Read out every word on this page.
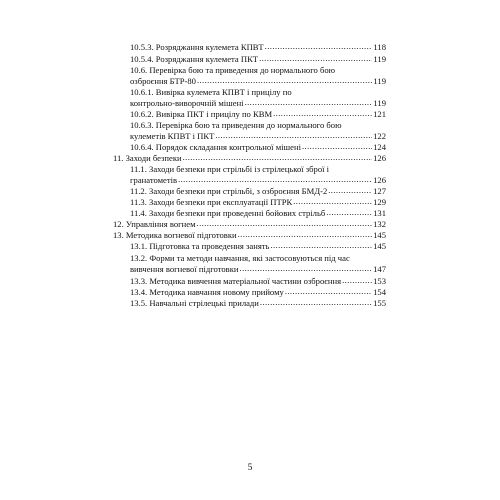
10.5.3. Розряджання кулемета КПВТ .....	118
10.5.4. Розряджання кулемета ПКТ .....	119
10.6. Перевірка бою та приведення до нормального бою
озброєння БТР-80 .....	119
10.6.1. Вивірка кулемета КПВТ і прицілу по
контрольно-виворочній мішені .....	119
10.6.2. Вивірка ПКТ і прицілу по КВМ .....	121
10.6.3. Перевірка бою та приведення до нормального бою
кулеметів КПВТ і ПКТ .....	122
10.6.4. Порядок складання контрольної мішені .....	124
11. Заходи безпеки .....	126
11.1. Заходи безпеки при стрільбі із стрілецької зброї і
гранатометів .....	126
11.2. Заходи безпеки при стрільбі, з озброєння БМД-2 .....	127
11.3. Заходи безпеки при експлуатації ПТРК .....	129
11.4. Заходи безпеки при проведенні бойових стрільб .....	131
12. Управління вогнем .....	132
13. Методика вогневої підготовки .....	145
13.1. Підготовка та проведення занять .....	145
13.2. Форми та методи навчання, які застосовуються під час
вивчення вогневої підготовки .....	147
13.3. Методика вивчення матеріальної частини озброєння .....	153
13.4. Методика навчання новому прийому .....	154
13.5. Навчальні стрілецькі прилади .....	155
5
